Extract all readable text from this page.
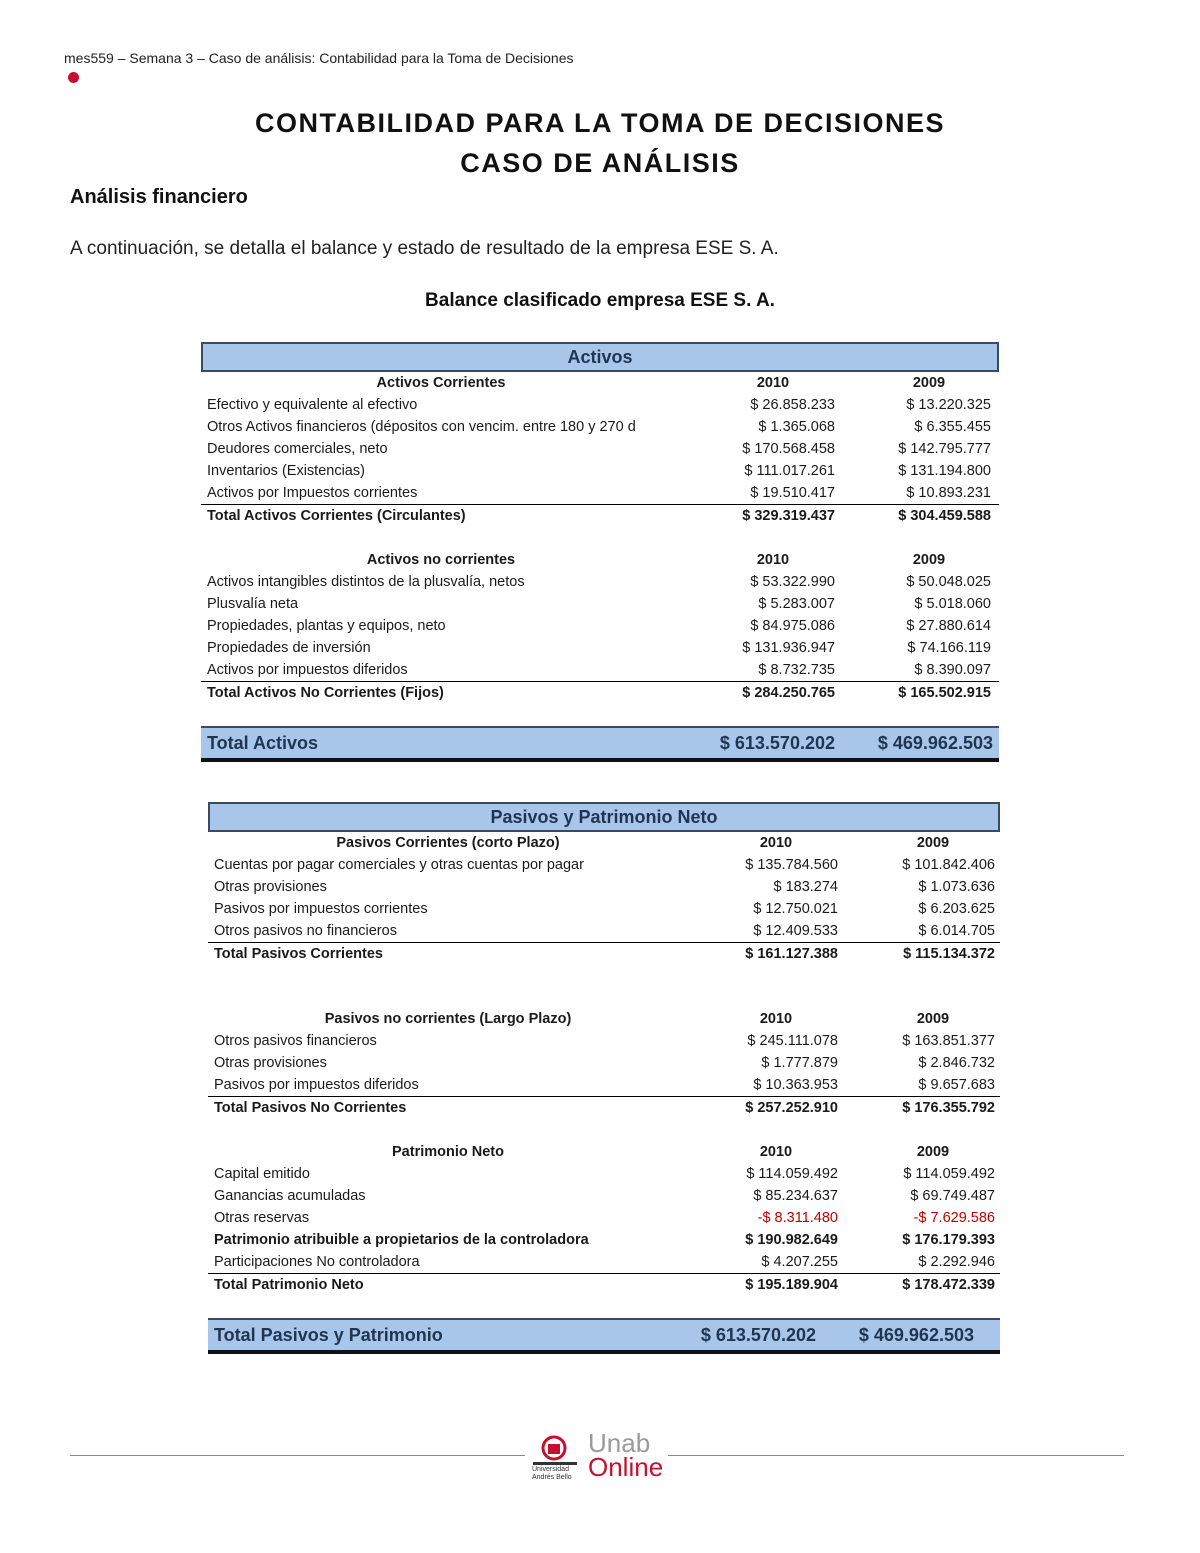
mes559 – Semana 3 – Caso de análisis: Contabilidad para la Toma de Decisiones
CONTABILIDAD PARA LA TOMA DE DECISIONES
CASO DE ANÁLISIS
Análisis financiero
A continuación, se detalla el balance y estado de resultado de la empresa ESE S. A.
Balance clasificado empresa ESE S. A.
Activos
Activos Corrientes	2010	2009
Efectivo y equivalente al efectivo	$ 26.858.233	$ 13.220.325
Otros Activos financieros (dépositos con vencim. entre 180 y 270 d	$ 1.365.068	$ 6.355.455
Deudores comerciales, neto	$ 170.568.458	$ 142.795.777
Inventarios (Existencias)	$ 111.017.261	$ 131.194.800
Activos por Impuestos corrientes	$ 19.510.417	$ 10.893.231
Total Activos Corrientes (Circulantes)	$ 329.319.437	$ 304.459.588
Activos no corrientes	2010	2009
Activos intangibles distintos de la plusvalía, netos	$ 53.322.990	$ 50.048.025
Plusvalía neta	$ 5.283.007	$ 5.018.060
Propiedades, plantas y equipos, neto	$ 84.975.086	$ 27.880.614
Propiedades de inversión	$ 131.936.947	$ 74.166.119
Activos por impuestos diferidos	$ 8.732.735	$ 8.390.097
Total Activos No Corrientes (Fijos)	$ 284.250.765	$ 165.502.915
Total Activos	$ 613.570.202	$ 469.962.503
Pasivos y Patrimonio Neto
Pasivos Corrientes (corto Plazo)	2010	2009
Cuentas por pagar comerciales y otras cuentas por pagar	$ 135.784.560	$ 101.842.406
Otras provisiones	$ 183.274	$ 1.073.636
Pasivos por impuestos corrientes	$ 12.750.021	$ 6.203.625
Otros pasivos no financieros	$ 12.409.533	$ 6.014.705
Total Pasivos Corrientes	$ 161.127.388	$ 115.134.372
Pasivos no corrientes (Largo Plazo)	2010	2009
Otros pasivos financieros	$ 245.111.078	$ 163.851.377
Otras provisiones	$ 1.777.879	$ 2.846.732
Pasivos por impuestos diferidos	$ 10.363.953	$ 9.657.683
Total Pasivos No Corrientes	$ 257.252.910	$ 176.355.792
Patrimonio Neto	2010	2009
Capital emitido	$ 114.059.492	$ 114.059.492
Ganancias acumuladas	$ 85.234.637	$ 69.749.487
Otras reservas	-$ 8.311.480	-$ 7.629.586
Patrimonio atribuible a propietarios de la controladora	$ 190.982.649	$ 176.179.393
Participaciones No controladora	$ 4.207.255	$ 2.292.946
Total Patrimonio Neto	$ 195.189.904	$ 178.472.339
Total Pasivos y Patrimonio	$ 613.570.202	$ 469.962.503
Universidad Andrés Bello
Unab
Online
